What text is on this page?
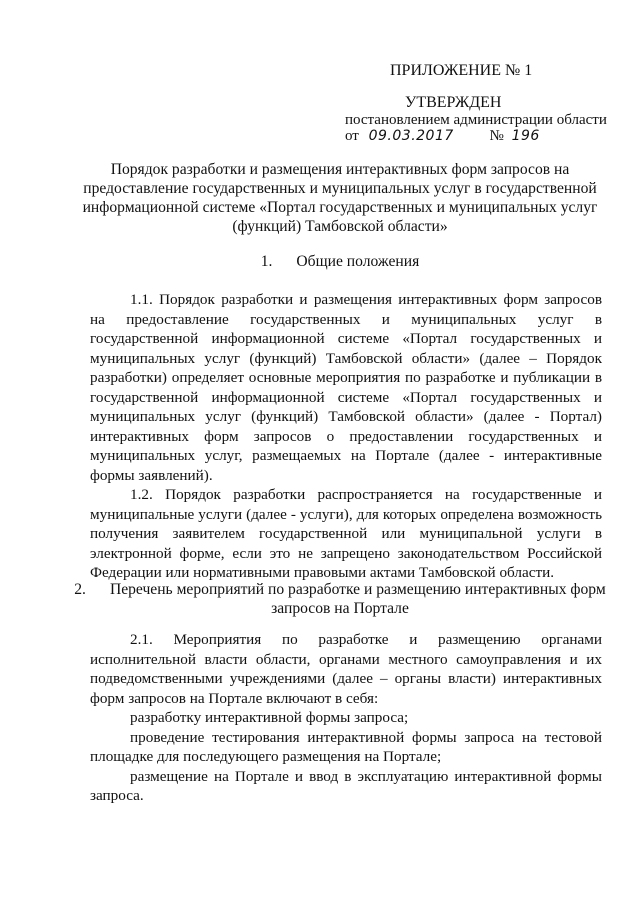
ПРИЛОЖЕНИЕ № 1
УТВЕРЖДЕН
постановлением администрации области
от 09.03.2017 № 196
Порядок разработки и размещения интерактивных форм запросов на предоставление государственных и муниципальных услуг в государственной информационной системе «Портал государственных и муниципальных услуг (функций) Тамбовской области»
1. Общие положения

1.1. Порядок разработки и размещения интерактивных форм запросов на предоставление государственных и муниципальных услуг в государственной информационной системе «Портал государственных и муниципальных услуг (функций) Тамбовской области» (далее – Порядок разработки) определяет основные мероприятия по разработке и публикации в государственной информационной системе «Портал государственных и муниципальных услуг (функций) Тамбовской области» (далее - Портал) интерактивных форм запросов о предоставлении государственных и муниципальных услуг, размещаемых на Портале (далее - интерактивные формы заявлений).

1.2. Порядок разработки распространяется на государственные и муниципальные услуги (далее - услуги), для которых определена возможность получения заявителем государственной или муниципальной услуги в электронной форме, если это не запрещено законодательством Российской Федерации или нормативными правовыми актами Тамбовской области.

2. Перечень мероприятий по разработке и размещению интерактивных форм запросов на Портале

2.1. Мероприятия по разработке и размещению органами исполнительной власти области, органами местного самоуправления и их подведомственными учреждениями (далее – органы власти) интерактивных форм запросов на Портале включают в себя:

разработку интерактивной формы запроса;

проведение тестирования интерактивной формы запроса на тестовой площадке для последующего размещения на Портале;

размещение на Портале и ввод в эксплуатацию интерактивной формы запроса.
